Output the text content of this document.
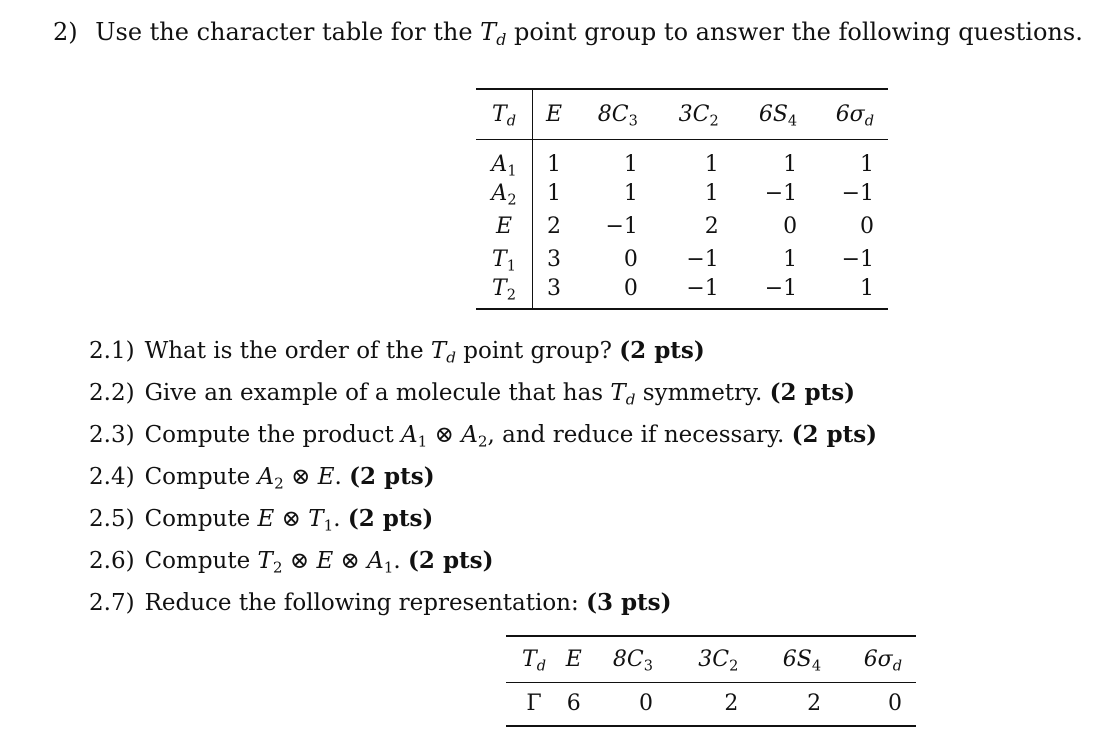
2) Use the character table for the $T_d$ point group to answer the following questions.
$T_d$	E	$8C_3$	$3C_2$	$6S_4$	$6\sigma_d$
$A_1$	1	1	1	1	1
$A_2$	1	1	1	−1	−1
E	2	−1	2	0	0
$T_1$	3	0	−1	1	−1
$T_2$	3	0	−1	−1	1
2.1) What is the order of the $T_d$ point group? (2 pts)
2.2) Give an example of a molecule that has $T_d$ symmetry. (2 pts)
2.3) Compute the product $A_1$ ⊗ $A_2$, and reduce if necessary. (2 pts)
2.4) Compute $A_2$ ⊗ E. (2 pts)
2.5) Compute E ⊗ $T_1$. (2 pts)
2.6) Compute $T_2$ ⊗ E ⊗ $A_1$. (2 pts)
2.7) Reduce the following representation: (3 pts)
$T_d$	E	$8C_3$	$3C_2$	$6S_4$	$6\sigma_d$
Γ	6	0	2	2	0
